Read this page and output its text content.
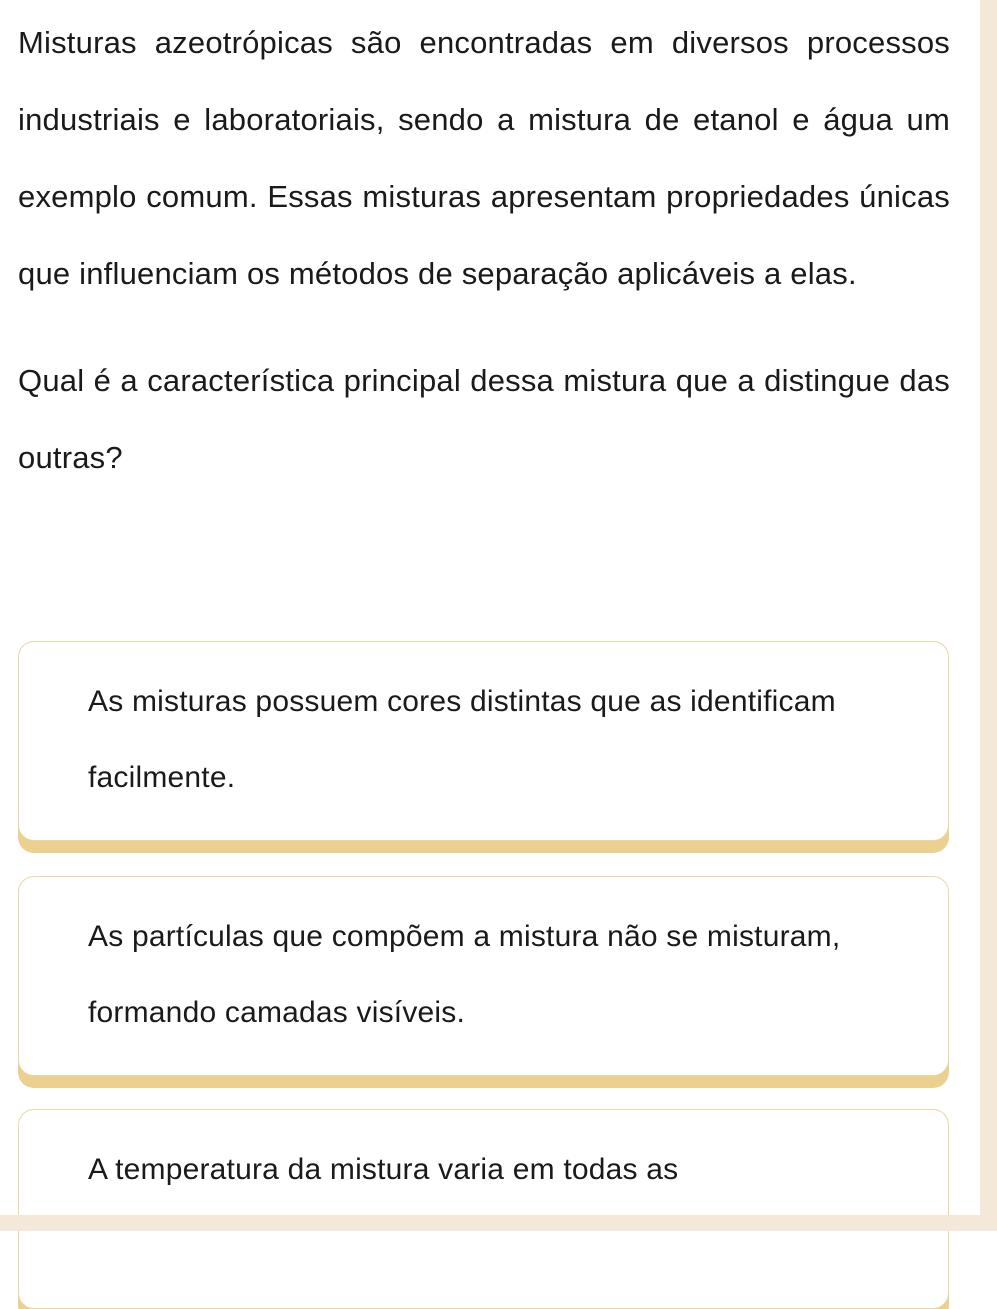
Misturas azeotrópicas são encontradas em diversos processos industriais e laboratoriais, sendo a mistura de etanol e água um exemplo comum. Essas misturas apresentam propriedades únicas que influenciam os métodos de separação aplicáveis a elas.

Qual é a característica principal dessa mistura que a distingue das outras?

As misturas possuem cores distintas que as identificam facilmente.
As partículas que compõem a mistura não se misturam, formando camadas visíveis.
A temperatura da mistura varia em todas as
